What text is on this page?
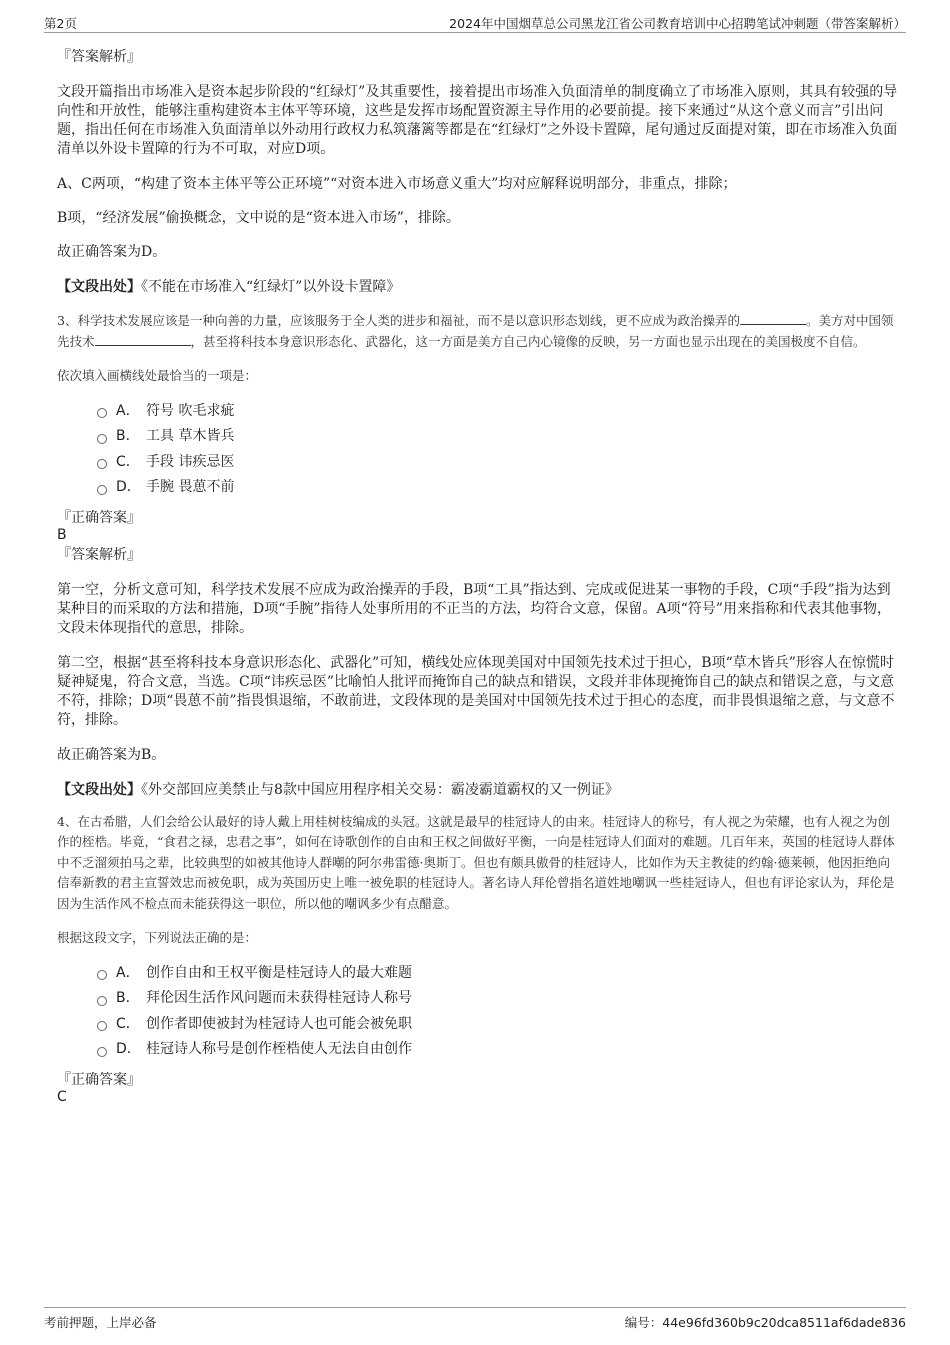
第2页	2024年中国烟草总公司黑龙江省公司教育培训中心招聘笔试冲刺题（带答案解析）
『答案解析』

文段开篇指出市场准入是资本起步阶段的“红绿灯”及其重要性，接着提出市场准入负面清单的制度确立了市场准入原则，其具有较强的导向性和开放性，能够注重构建资本主体平等环境，这些是发挥市场配置资源主导作用的必要前提。接下来通过“从这个意义而言”引出问题，指出任何在市场准入负面清单以外动用行政权力私筑藩篱等都是在“红绿灯”之外设卡置障，尾句通过反面提对策，即在市场准入负面清单以外设卡置障的行为不可取，对应D项。

A、C两项，“构建了资本主体平等公正环境”“对资本进入市场意义重大”均对应解释说明部分，非重点，排除；

B项，“经济发展”偷换概念，文中说的是“资本进入市场”，排除。

故正确答案为D。

【文段出处】《不能在市场准入“红绿灯”以外设卡置障》

3、科学技术发展应该是一种向善的力量，应该服务于全人类的进步和福祉，而不是以意识形态划线，更不应成为政治操弄的	。美方对中国领先技术	，甚至将科技本身意识形态化、武器化，这一方面是美方自己内心镜像的反映，另一方面也显示出现在的美国极度不自信。

依次填入画横线处最恰当的一项是：

A． 符号 吹毛求疵
B． 工具 草木皆兵
C． 手段 讳疾忌医
D． 手腕 畏葸不前
『正确答案』
B
『答案解析』

第一空，分析文意可知，科学技术发展不应成为政治操弄的手段，B项“工具”指达到、完成或促进某一事物的手段，C项“手段”指为达到某种目的而采取的方法和措施，D项“手腕”指待人处事所用的不正当的方法，均符合文意，保留。A项“符号”用来指称和代表其他事物，文段未体现指代的意思，排除。

第二空，根据“甚至将科技本身意识形态化、武器化”可知，横线处应体现美国对中国领先技术过于担心，B项“草木皆兵”形容人在惊慌时疑神疑鬼，符合文意，当选。C项“讳疾忌医”比喻怕人批评而掩饰自己的缺点和错误，文段并非体现掩饰自己的缺点和错误之意，与文意不符，排除；D项“畏葸不前”指畏惧退缩，不敢前进，文段体现的是美国对中国领先技术过于担心的态度，而非畏惧退缩之意，与文意不符，排除。

故正确答案为B。

【文段出处】《外交部回应美禁止与8款中国应用程序相关交易：霸凌霸道霸权的又一例证》

4、在古希腊，人们会给公认最好的诗人戴上用桂树枝编成的头冠。这就是最早的桂冠诗人的由来。桂冠诗人的称号，有人视之为荣耀，也有人视之为创作的桎梏。毕竟，“食君之禄，忠君之事”，如何在诗歌创作的自由和王权之间做好平衡，一向是桂冠诗人们面对的难题。几百年来，英国的桂冠诗人群体中不乏溜须拍马之辈，比较典型的如被其他诗人群嘲的阿尔弗雷德·奥斯丁。但也有颇具傲骨的桂冠诗人，比如作为天主教徒的约翰·德莱顿，他因拒绝向信奉新教的君主宣誓效忠而被免职，成为英国历史上唯一被免职的桂冠诗人。著名诗人拜伦曾指名道姓地嘲讽一些桂冠诗人，但也有评论家认为，拜伦是因为生活作风不检点而未能获得这一职位，所以他的嘲讽多少有点醋意。

根据这段文字，下列说法正确的是：

A． 创作自由和王权平衡是桂冠诗人的最大难题
B． 拜伦因生活作风问题而未获得桂冠诗人称号
C． 创作者即使被封为桂冠诗人也可能会被免职
D． 桂冠诗人称号是创作桎梏使人无法自由创作
『正确答案』
C
考前押题，上岸必备	编号：44e96fd360b9c20dca8511af6dade836
